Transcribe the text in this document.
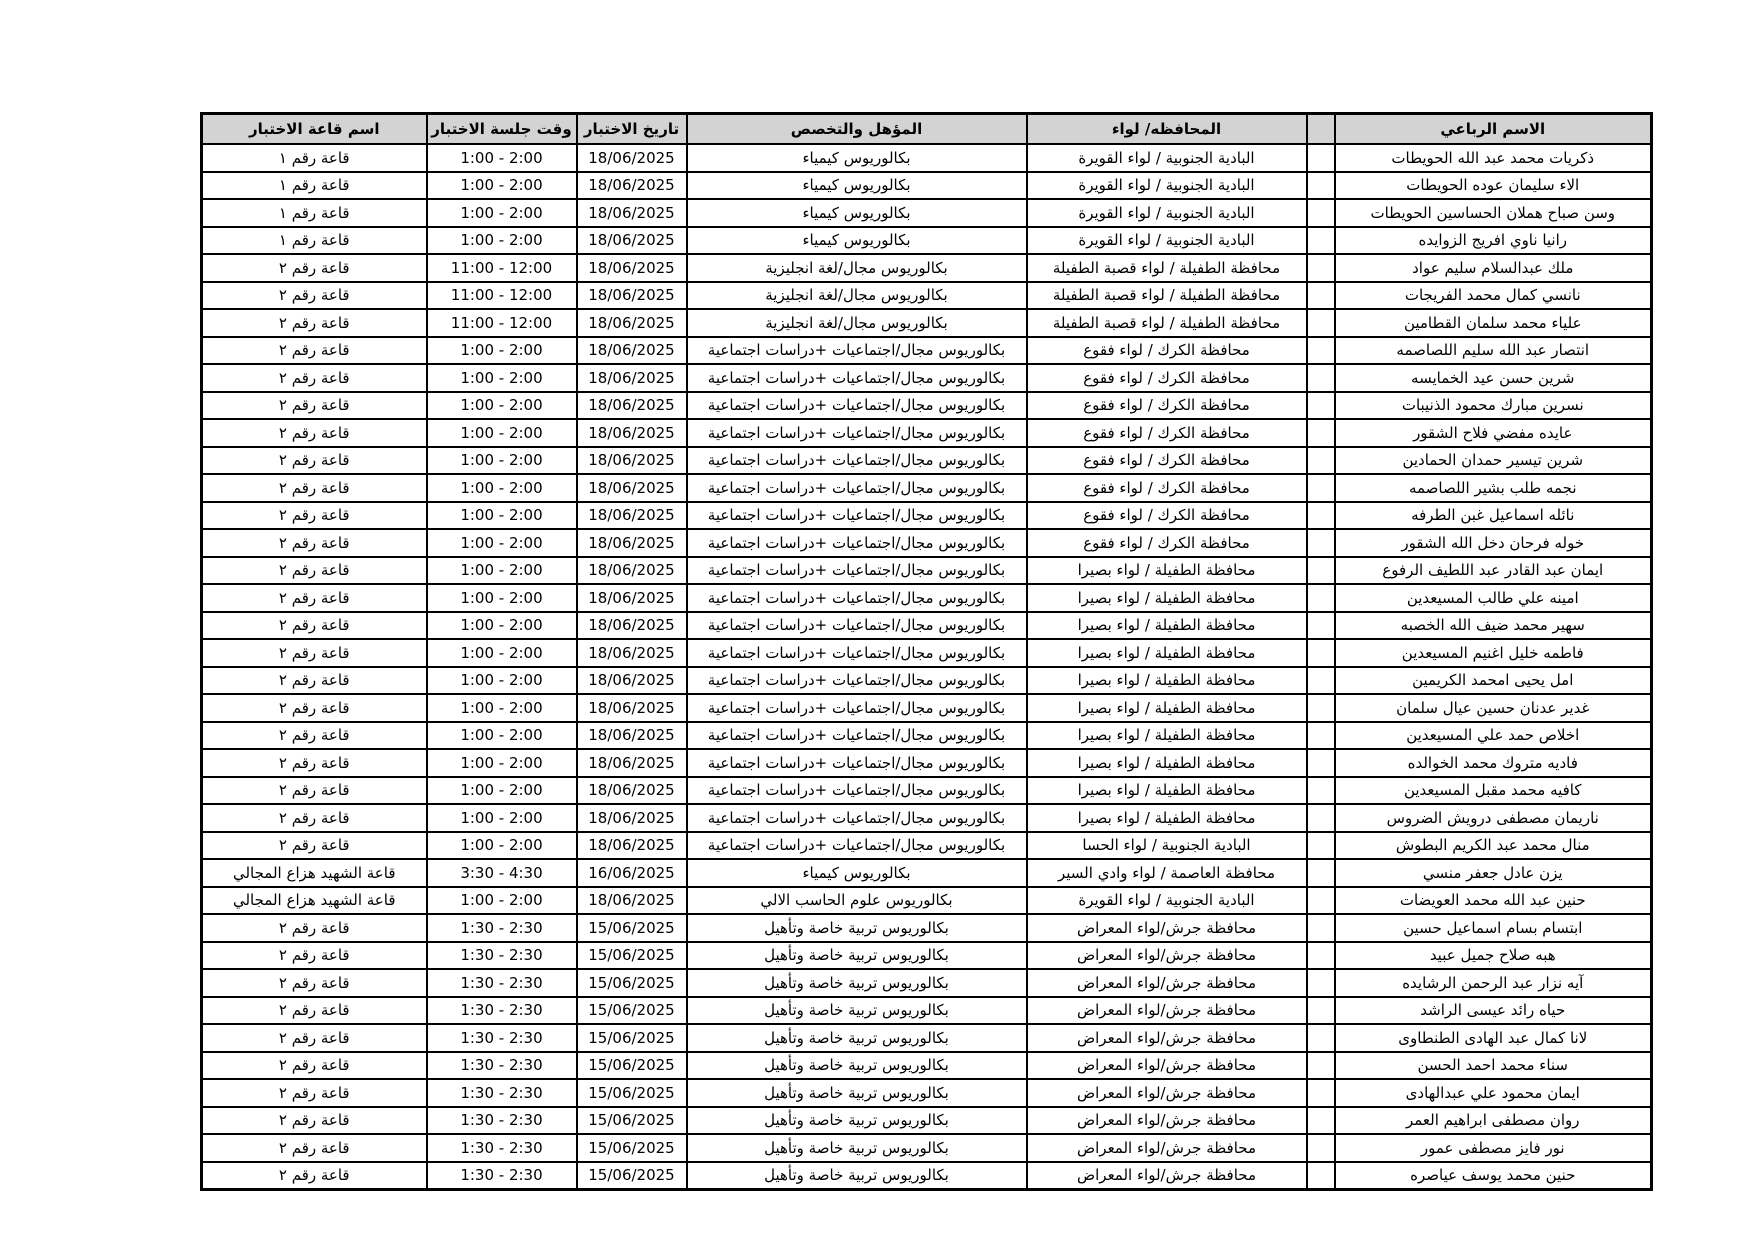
الاسم الرباعي		المحافظه/ لواء	المؤهل والتخصص	تاريخ الاختبار	وقت جلسة الاختبار	اسم قاعة الاختبار
ذكريات محمد عبد الله الحويطات		البادية الجنوبية / لواء القويرة	بكالوريوس كيمياء	18/06/2025	1:00 - 2:00	قاعة رقم ١
الاء سليمان عوده الحويطات		البادية الجنوبية / لواء القويرة	بكالوريوس كيمياء	18/06/2025	1:00 - 2:00	قاعة رقم ١
وسن صباح هملان الحساسين الحويطات		البادية الجنوبية / لواء القويرة	بكالوريوس كيمياء	18/06/2025	1:00 - 2:00	قاعة رقم ١
رانيا ناوي افريج الزوايده		البادية الجنوبية / لواء القويرة	بكالوريوس كيمياء	18/06/2025	1:00 - 2:00	قاعة رقم ١
ملك عبدالسلام سليم عواد		محافظة الطفيلة / لواء قصبة الطفيلة	بكالوريوس مجال/لغة انجليزية	18/06/2025	11:00 - 12:00	قاعة رقم ٢
نانسي كمال محمد الفريجات		محافظة الطفيلة / لواء قصبة الطفيلة	بكالوريوس مجال/لغة انجليزية	18/06/2025	11:00 - 12:00	قاعة رقم ٢
علياء محمد سلمان القطامين		محافظة الطفيلة / لواء قصبة الطفيلة	بكالوريوس مجال/لغة انجليزية	18/06/2025	11:00 - 12:00	قاعة رقم ٢
انتصار عبد الله سليم اللصاصمه		محافظة الكرك / لواء فقوع	بكالوريوس مجال/اجتماعيات +دراسات اجتماعية	18/06/2025	1:00 - 2:00	قاعة رقم ٢
شرين حسن عيد الخمايسه		محافظة الكرك / لواء فقوع	بكالوريوس مجال/اجتماعيات +دراسات اجتماعية	18/06/2025	1:00 - 2:00	قاعة رقم ٢
نسرين مبارك محمود الذنيبات		محافظة الكرك / لواء فقوع	بكالوريوس مجال/اجتماعيات +دراسات اجتماعية	18/06/2025	1:00 - 2:00	قاعة رقم ٢
عايده مفضي فلاح الشقور		محافظة الكرك / لواء فقوع	بكالوريوس مجال/اجتماعيات +دراسات اجتماعية	18/06/2025	1:00 - 2:00	قاعة رقم ٢
شرين تيسير حمدان الحمادين		محافظة الكرك / لواء فقوع	بكالوريوس مجال/اجتماعيات +دراسات اجتماعية	18/06/2025	1:00 - 2:00	قاعة رقم ٢
نجمه طلب بشير اللصاصمه		محافظة الكرك / لواء فقوع	بكالوريوس مجال/اجتماعيات +دراسات اجتماعية	18/06/2025	1:00 - 2:00	قاعة رقم ٢
نائله اسماعيل غبن الطرفه		محافظة الكرك / لواء فقوع	بكالوريوس مجال/اجتماعيات +دراسات اجتماعية	18/06/2025	1:00 - 2:00	قاعة رقم ٢
خوله فرحان دخل الله الشقور		محافظة الكرك / لواء فقوع	بكالوريوس مجال/اجتماعيات +دراسات اجتماعية	18/06/2025	1:00 - 2:00	قاعة رقم ٢
ايمان عبد القادر عبد اللطيف الرفوع		محافظة الطفيلة / لواء بصيرا	بكالوريوس مجال/اجتماعيات +دراسات اجتماعية	18/06/2025	1:00 - 2:00	قاعة رقم ٢
امينه علي طالب المسيعدين		محافظة الطفيلة / لواء بصيرا	بكالوريوس مجال/اجتماعيات +دراسات اجتماعية	18/06/2025	1:00 - 2:00	قاعة رقم ٢
سهير محمد ضيف الله الخصبه		محافظة الطفيلة / لواء بصيرا	بكالوريوس مجال/اجتماعيات +دراسات اجتماعية	18/06/2025	1:00 - 2:00	قاعة رقم ٢
فاطمه خليل اغنيم المسيعدين		محافظة الطفيلة / لواء بصيرا	بكالوريوس مجال/اجتماعيات +دراسات اجتماعية	18/06/2025	1:00 - 2:00	قاعة رقم ٢
امل يحيى امحمد الكريمين		محافظة الطفيلة / لواء بصيرا	بكالوريوس مجال/اجتماعيات +دراسات اجتماعية	18/06/2025	1:00 - 2:00	قاعة رقم ٢
غدير عدنان حسين عيال سلمان		محافظة الطفيلة / لواء بصيرا	بكالوريوس مجال/اجتماعيات +دراسات اجتماعية	18/06/2025	1:00 - 2:00	قاعة رقم ٢
اخلاص حمد علي المسيعدين		محافظة الطفيلة / لواء بصيرا	بكالوريوس مجال/اجتماعيات +دراسات اجتماعية	18/06/2025	1:00 - 2:00	قاعة رقم ٢
فاديه متروك محمد الخوالده		محافظة الطفيلة / لواء بصيرا	بكالوريوس مجال/اجتماعيات +دراسات اجتماعية	18/06/2025	1:00 - 2:00	قاعة رقم ٢
كافيه محمد مقبل المسيعدين		محافظة الطفيلة / لواء بصيرا	بكالوريوس مجال/اجتماعيات +دراسات اجتماعية	18/06/2025	1:00 - 2:00	قاعة رقم ٢
ناريمان مصطفى درويش الضروس		محافظة الطفيلة / لواء بصيرا	بكالوريوس مجال/اجتماعيات +دراسات اجتماعية	18/06/2025	1:00 - 2:00	قاعة رقم ٢
منال محمد عبد الكريم البطوش		البادية الجنوبية / لواء الحسا	بكالوريوس مجال/اجتماعيات +دراسات اجتماعية	18/06/2025	1:00 - 2:00	قاعة رقم ٢
يزن عادل جعفر منسي		محافظة العاصمة / لواء وادي السير	بكالوريوس كيمياء	16/06/2025	3:30 - 4:30	قاعة الشهيد هزاع المجالي
حنين عبد الله محمد العويضات		البادية الجنوبية / لواء القويرة	بكالوريوس علوم الحاسب الالي	18/06/2025	1:00 - 2:00	قاعة الشهيد هزاع المجالي
ابتسام بسام اسماعيل حسين		محافظة جرش/لواء المعراض	بكالوريوس تربية خاصة وتأهيل	15/06/2025	1:30 - 2:30	قاعة رقم ٢
هبه صلاح جميل عبيد		محافظة جرش/لواء المعراض	بكالوريوس تربية خاصة وتأهيل	15/06/2025	1:30 - 2:30	قاعة رقم ٢
آيه نزار عبد الرحمن الرشايده		محافظة جرش/لواء المعراض	بكالوريوس تربية خاصة وتأهيل	15/06/2025	1:30 - 2:30	قاعة رقم ٢
حياه رائد عيسى الراشد		محافظة جرش/لواء المعراض	بكالوريوس تربية خاصة وتأهيل	15/06/2025	1:30 - 2:30	قاعة رقم ٢
لانا كمال عبد الهادى الطنطاوى		محافظة جرش/لواء المعراض	بكالوريوس تربية خاصة وتأهيل	15/06/2025	1:30 - 2:30	قاعة رقم ٢
سناء محمد احمد الحسن		محافظة جرش/لواء المعراض	بكالوريوس تربية خاصة وتأهيل	15/06/2025	1:30 - 2:30	قاعة رقم ٢
ايمان محمود علي عبدالهادى		محافظة جرش/لواء المعراض	بكالوريوس تربية خاصة وتأهيل	15/06/2025	1:30 - 2:30	قاعة رقم ٢
روان مصطفى ابراهيم العمر		محافظة جرش/لواء المعراض	بكالوريوس تربية خاصة وتأهيل	15/06/2025	1:30 - 2:30	قاعة رقم ٢
نور فايز مصطفى عمور		محافظة جرش/لواء المعراض	بكالوريوس تربية خاصة وتأهيل	15/06/2025	1:30 - 2:30	قاعة رقم ٢
حنين محمد يوسف عياصره		محافظة جرش/لواء المعراض	بكالوريوس تربية خاصة وتأهيل	15/06/2025	1:30 - 2:30	قاعة رقم ٢
